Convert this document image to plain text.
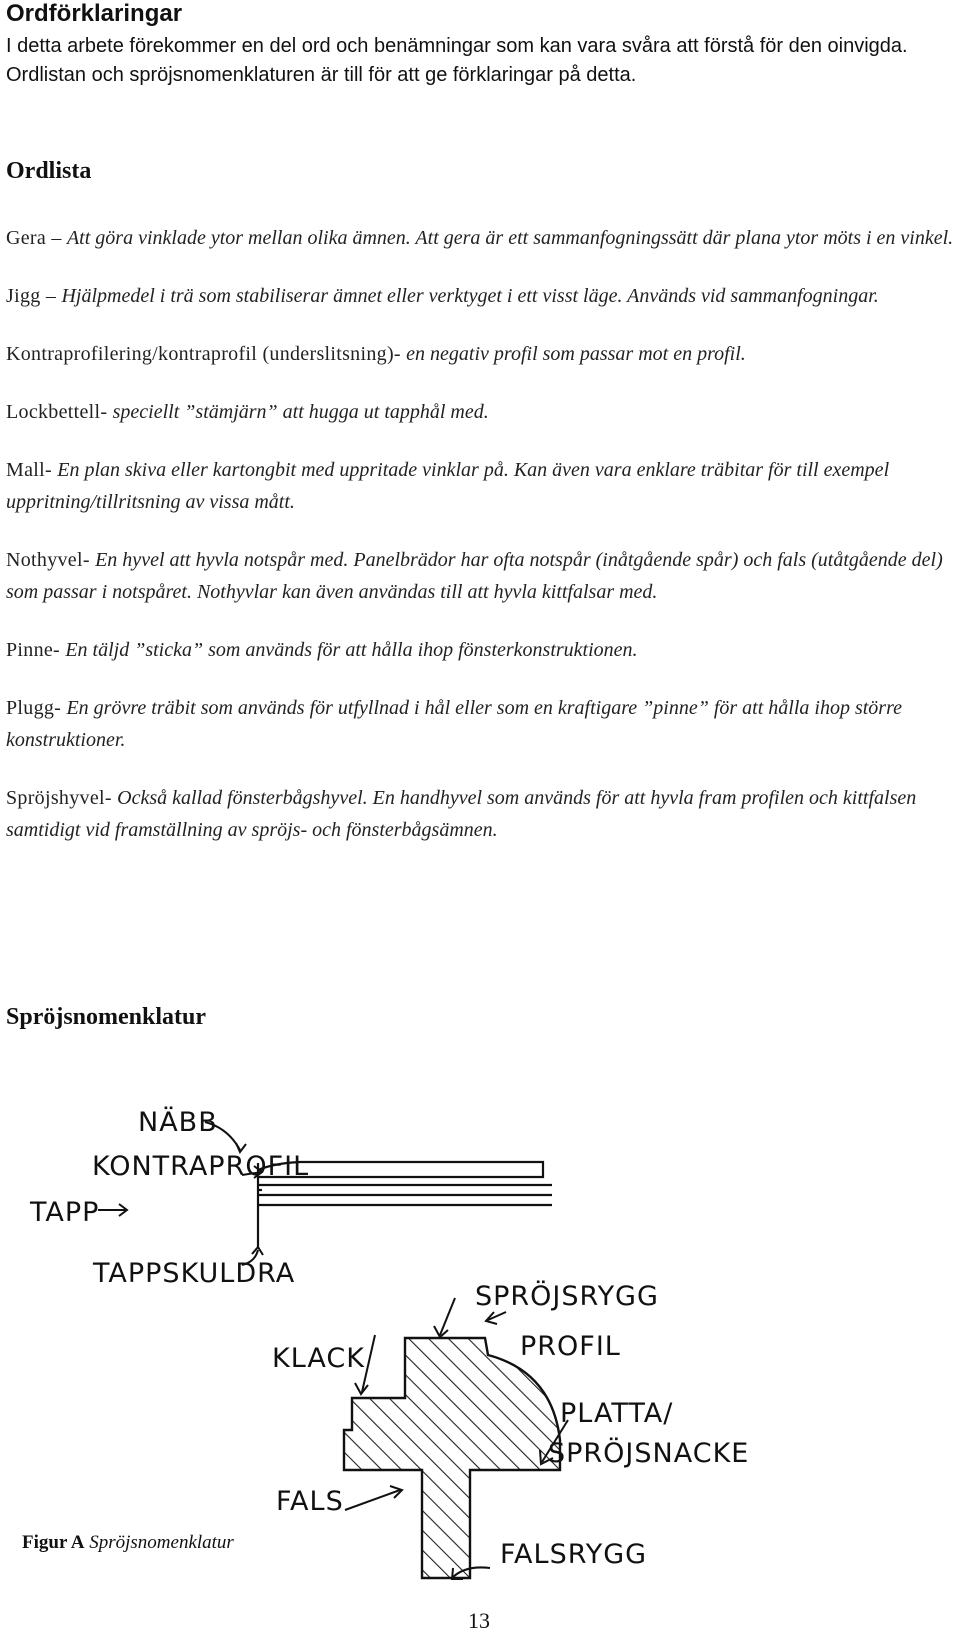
Ordförklaringar

I detta arbete förekommer en del ord och benämningar som kan vara svåra att förstå för den oinvigda. Ordlistan och spröjsnomenklaturen är till för att ge förklaringar på detta.

Ordlista
Gera – Att göra vinklade ytor mellan olika ämnen. Att gera är ett sammanfogningssätt där plana ytor möts i en vinkel.
Jigg – Hjälpmedel i trä som stabiliserar ämnet eller verktyget i ett visst läge. Används vid sammanfogningar.
Kontraprofilering/kontraprofil (underslitsning)- en negativ profil som passar mot en profil.
Lockbettell- speciellt ”stämjärn” att hugga ut tapphål med.
Mall- En plan skiva eller kartongbit med uppritade vinklar på. Kan även vara enklare träbitar för till exempel uppritning/tillritsning av vissa mått.
Nothyvel- En hyvel att hyvla notspår med. Panelbrädor har ofta notspår (inåtgående spår) och fals (utåtgående del) som passar i notspåret. Nothyvlar kan även användas till att hyvla kittfalsar med.
Pinne- En täljd ”sticka” som används för att hålla ihop fönsterkonstruktionen.
Plugg- En grövre träbit som används för utfyllnad i hål eller som en kraftigare ”pinne” för att hålla ihop större konstruktioner.
Spröjshyvel- Också kallad fönsterbågshyvel. En handhyvel som används för att hyvla fram profilen och kittfalsen samtidigt vid framställning av spröjs- och fönsterbågsämnen.
Spröjsnomenklatur
NÄBB
KONTRAPROFIL
TAPP
TAPPSKULDRA
SPRÖJSRYGG
KLACK	PROFIL
PLATTA/
SPRÖJSNACKE
FALS
FALSRYGG

Figur A Spröjsnomenklatur

13
